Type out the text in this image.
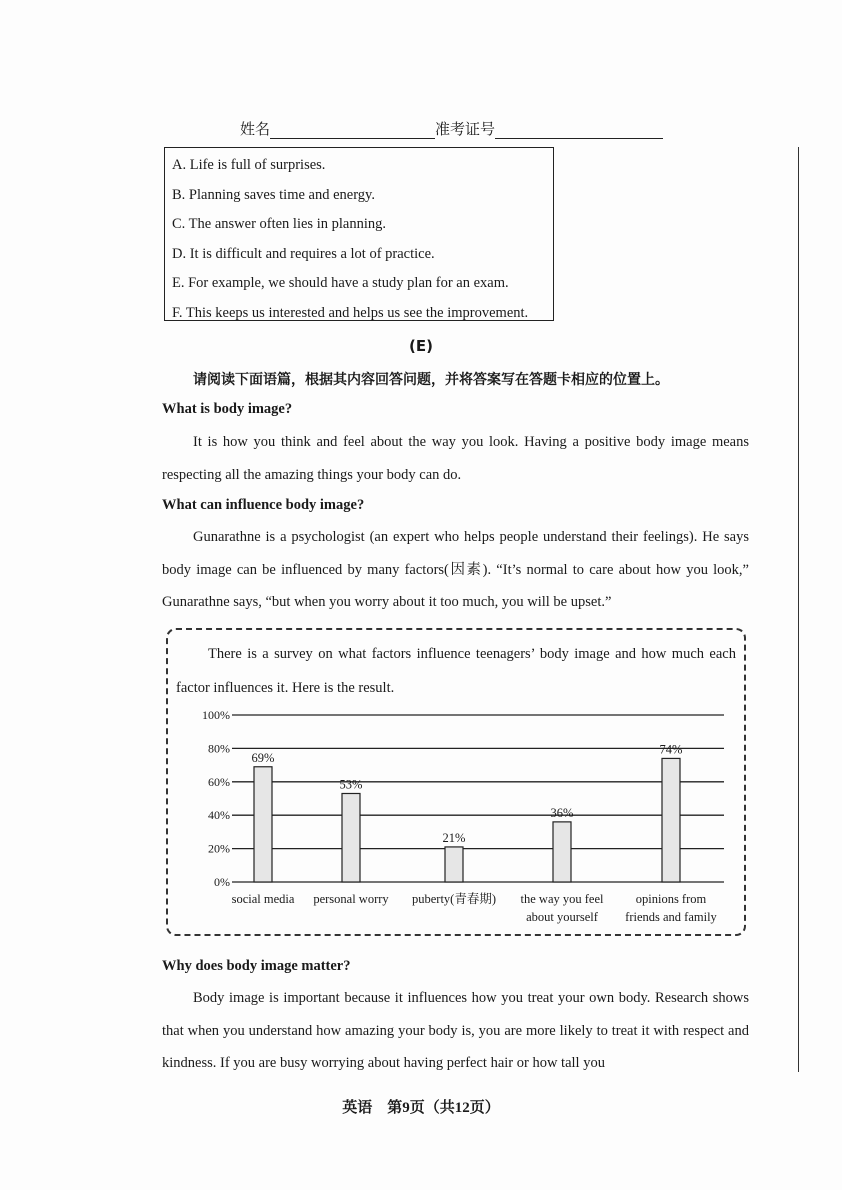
姓名	准考证号
A. Life is full of surprises.
B. Planning saves time and energy.
C. The answer often lies in planning.
D. It is difficult and requires a lot of practice.
E. For example, we should have a study plan for an exam.
F. This keeps us interested and helps us see the improvement.
(E)
请阅读下面语篇，根据其内容回答问题，并将答案写在答题卡相应的位置上。
What is body image?
It is how you think and feel about the way you look. Having a positive body image means respecting all the amazing things your body can do.
What can influence body image?
Gunarathne is a psychologist (an expert who helps people understand their feelings). He says body image can be influenced by many factors(因素). “It’s normal to care about how you look,” Gunarathne says, “but when you worry about it too much, you will be upset.”
There is a survey on what factors influence teenagers’ body image and how much each factor influences it. Here is the result.
0%
20%
40%
60%
80%
100%
69%
53%
21%
36%
74%
social media personal worry puberty(青春期) the way you feel
about yourself
opinions from
friends and family
Why does body image matter?
Body image is important because it influences how you treat your own body. Research shows that when you understand how amazing your body is, you are more likely to treat it with respect and kindness. If you are busy worrying about having perfect hair or how tall you
英语　第9页（共12页）
